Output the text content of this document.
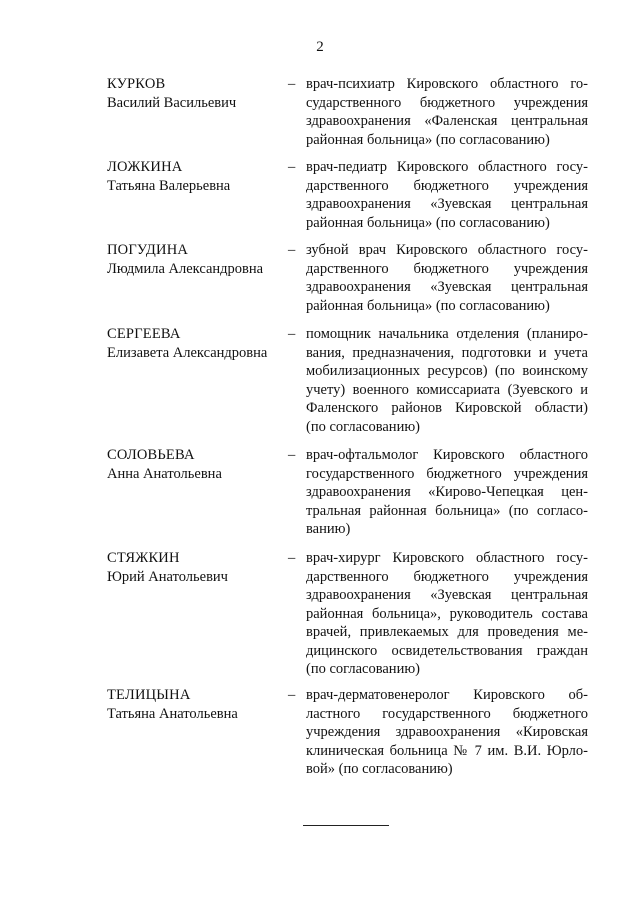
2
КУРКОВ
Василий Васильевич
– врач-психиатр Кировского областного го-
сударственного бюджетного учреждения
здравоохранения «Фаленская центральная
районная больница» (по согласованию)
ЛОЖКИНА
Татьяна Валерьевна
– врач-педиатр Кировского областного госу-
дарственного бюджетного учреждения
здравоохранения «Зуевская центральная
районная больница» (по согласованию)
ПОГУДИНА
Людмила Александровна
– зубной врач Кировского областного госу-
дарственного бюджетного учреждения
здравоохранения «Зуевская центральная
районная больница» (по согласованию)
СЕРГЕЕВА
Елизавета Александровна
– помощник начальника отделения (планиро-
вания, предназначения, подготовки и учета
мобилизационных ресурсов) (по воинскому
учету) военного комиссариата (Зуевского и
Фаленского районов Кировской области)
(по согласованию)
СОЛОВЬЕВА
Анна Анатольевна
– врач-офтальмолог Кировского областного
государственного бюджетного учреждения
здравоохранения «Кирово-Чепецкая цен-
тральная районная больница» (по согласо-
ванию)
СТЯЖКИН
Юрий Анатольевич
– врач-хирург Кировского областного госу-
дарственного бюджетного учреждения
здравоохранения «Зуевская центральная
районная больница», руководитель состава
врачей, привлекаемых для проведения ме-
дицинского освидетельствования граждан
(по согласованию)
ТЕЛИЦЫНА
Татьяна Анатольевна
– врач-дерматовенеролог Кировского об-
ластного государственного бюджетного
учреждения здравоохранения «Кировская
клиническая больница № 7 им. В.И. Юрло-
вой» (по согласованию)
